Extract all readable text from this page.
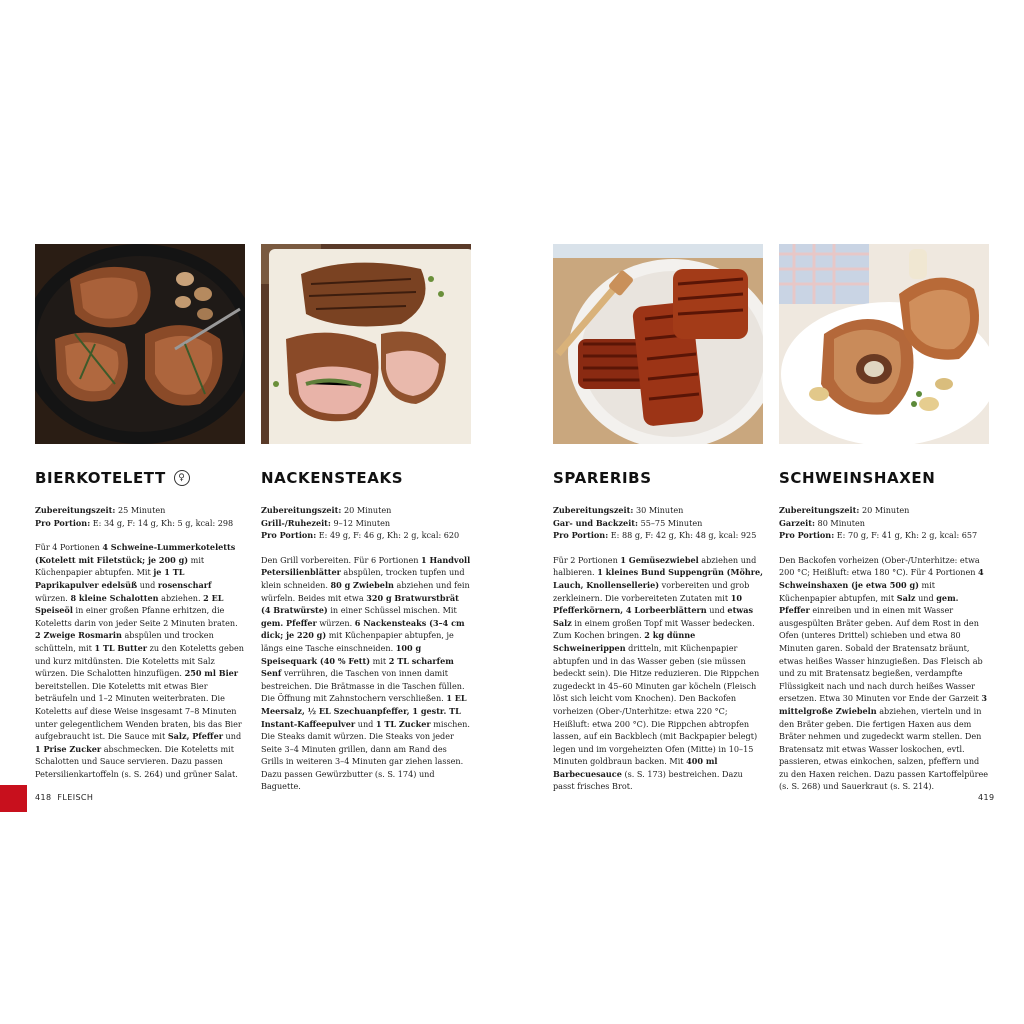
BIERKOTELETT	♀
Zubereitungszeit: 25 Minuten
Pro Portion: E: 34 g, F: 14 g, Kh: 5 g, kcal: 298
Für 4 Portionen 4 Schweine-Lummerkoteletts (Kotelett mit Filetstück; je 200 g) mit Küchenpapier abtupfen. Mit je 1 TL Paprikapulver edelsüß und rosenscharf würzen. 8 kleine Schalotten abziehen. 2 EL Speiseöl in einer großen Pfanne erhitzen, die Koteletts darin von jeder Seite 2 Minuten braten. 2 Zweige Rosmarin abspülen und trocken schütteln, mit 1 TL Butter zu den Koteletts geben und kurz mitdünsten. Die Koteletts mit Salz würzen. Die Schalotten hinzufügen. 250 ml Bier bereitstellen. Die Koteletts mit etwas Bier beträufeln und 1–2 Minuten weiterbraten. Die Koteletts auf diese Weise insgesamt 7–8 Minuten unter gelegentlichem Wenden braten, bis das Bier aufgebraucht ist. Die Sauce mit Salz, Pfeffer und 1 Prise Zucker abschmecken. Die Koteletts mit Schalotten und Sauce servieren. Dazu passen Petersilienkartoffeln (s. S. 264) und grüner Salat.
NACKENSTEAKS
Zubereitungszeit: 20 Minuten
Grill-/Ruhezeit: 9–12 Minuten
Pro Portion: E: 49 g, F: 46 g, Kh: 2 g, kcal: 620
Den Grill vorbereiten. Für 6 Portionen 1 Handvoll Petersilienblätter abspülen, trocken tupfen und klein schneiden. 80 g Zwiebeln abziehen und fein würfeln. Beides mit etwa 320 g Bratwurstbrät (4 Bratwürste) in einer Schüssel mischen. Mit gem. Pfeffer würzen. 6 Nackensteaks (3–4 cm dick; je 220 g) mit Küchenpapier abtupfen, je längs eine Tasche einschneiden. 100 g Speisequark (40 % Fett) mit 2 TL scharfem Senf verrühren, die Taschen von innen damit bestreichen. Die Brätmasse in die Taschen füllen. Die Öffnung mit Zahnstochern verschließen. 1 EL Meersalz, ½ EL Szechuanpfeffer, 1 gestr. TL Instant-Kaffeepulver und 1 TL Zucker mischen. Die Steaks damit würzen. Die Steaks von jeder Seite 3–4 Minuten grillen, dann am Rand des Grills in weiteren 3–4 Minuten gar ziehen lassen. Dazu passen Gewürzbutter (s. S. 174) und Baguette.
SPARERIBS
Zubereitungszeit: 30 Minuten
Gar- und Backzeit: 55–75 Minuten
Pro Portion: E: 88 g, F: 42 g, Kh: 48 g, kcal: 925
Für 2 Portionen 1 Gemüsezwiebel abziehen und halbieren. 1 kleines Bund Suppengrün (Möhre, Lauch, Knollensellerie) vorbereiten und grob zerkleinern. Die vorbereiteten Zutaten mit 10 Pfefferkörnern, 4 Lorbeerblättern und etwas Salz in einem großen Topf mit Wasser bedecken. Zum Kochen bringen. 2 kg dünne Schweinerippen dritteln, mit Küchenpapier abtupfen und in das Wasser geben (sie müssen bedeckt sein). Die Hitze reduzieren. Die Rippchen zugedeckt in 45–60 Minuten gar köcheln (Fleisch löst sich leicht vom Knochen). Den Backofen vorheizen (Ober-/Unterhitze: etwa 220 °C; Heißluft: etwa 200 °C). Die Rippchen abtropfen lassen, auf ein Backblech (mit Backpapier belegt) legen und im vorgeheizten Ofen (Mitte) in 10–15 Minuten goldbraun backen. Mit 400 ml Barbecuesauce (s. S. 173) bestreichen. Dazu passt frisches Brot.
SCHWEINSHAXEN
Zubereitungszeit: 20 Minuten
Garzeit: 80 Minuten
Pro Portion: E: 70 g, F: 41 g, Kh: 2 g, kcal: 657
Den Backofen vorheizen (Ober-/Unterhitze: etwa 200 °C; Heißluft: etwa 180 °C). Für 4 Portionen 4 Schweinshaxen (je etwa 500 g) mit Küchenpapier abtupfen, mit Salz und gem. Pfeffer einreiben und in einen mit Wasser ausgespülten Bräter geben. Auf dem Rost in den Ofen (unteres Drittel) schieben und etwa 80 Minuten garen. Sobald der Bratensatz bräunt, etwas heißes Wasser hinzugießen. Das Fleisch ab und zu mit Bratensatz begießen, verdampfte Flüssigkeit nach und nach durch heißes Wasser ersetzen. Etwa 30 Minuten vor Ende der Garzeit 3 mittelgroße Zwiebeln abziehen, vierteln und in den Bräter geben. Die fertigen Haxen aus dem Bräter nehmen und zugedeckt warm stellen. Den Bratensatz mit etwas Wasser loskochen, evtl. passieren, etwas einkochen, salzen, pfeffern und zu den Haxen reichen. Dazu passen Kartoffelpüree (s. S. 268) und Sauerkraut (s. S. 214).
418 FLEISCH	419
